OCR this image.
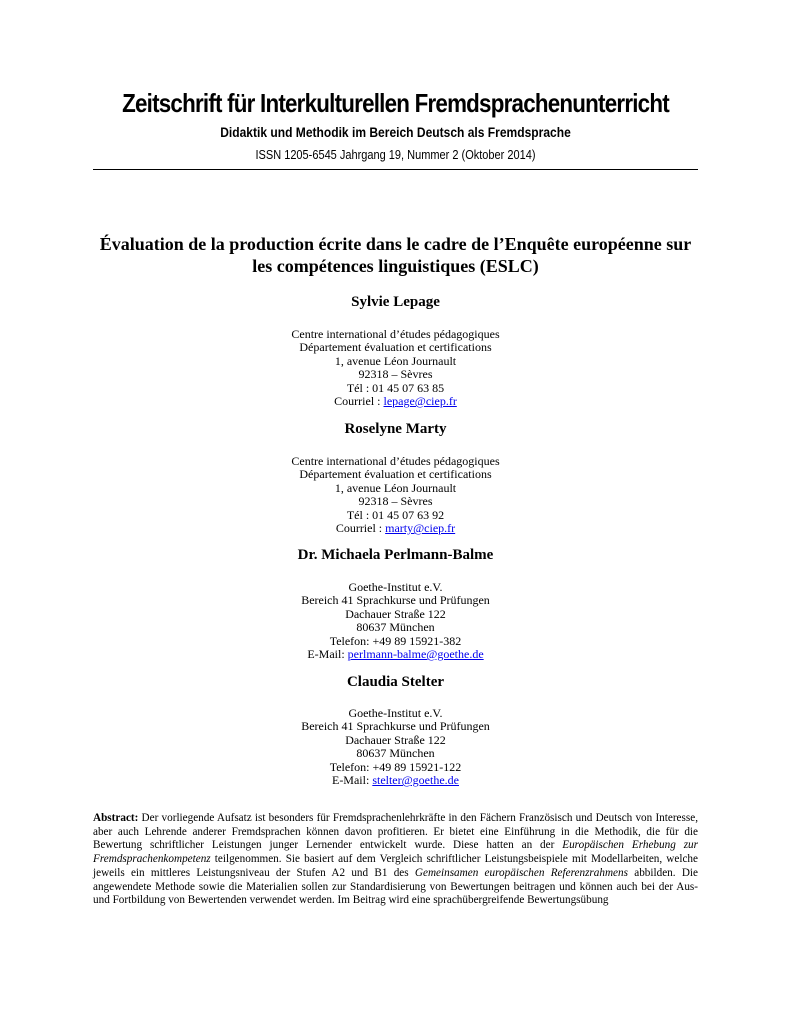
Zeitschrift für Interkulturellen Fremdsprachenunterricht
Didaktik und Methodik im Bereich Deutsch als Fremdsprache
ISSN 1205-6545 Jahrgang 19, Nummer 2 (Oktober 2014)
Évaluation de la production écrite dans le cadre de l’Enquête européenne sur
les compétences linguistiques (ESLC)
Sylvie Lepage
Centre international d’études pédagogiques
Département évaluation et certifications
1, avenue Léon Journault
92318 – Sèvres
Tél : 01 45 07 63 85
Courriel : lepage@ciep.fr
Roselyne Marty
Centre international d’études pédagogiques
Département évaluation et certifications
1, avenue Léon Journault
92318 – Sèvres
Tél : 01 45 07 63 92
Courriel : marty@ciep.fr
Dr. Michaela Perlmann-Balme
Goethe-Institut e.V.
Bereich 41 Sprachkurse und Prüfungen
Dachauer Straße 122
80637 München
Telefon: +49 89 15921-382
E-Mail: perlmann-balme@goethe.de
Claudia Stelter
Goethe-Institut e.V.
Bereich 41 Sprachkurse und Prüfungen
Dachauer Straße 122
80637 München
Telefon: +49 89 15921-122
E-Mail: stelter@goethe.de
Abstract: Der vorliegende Aufsatz ist besonders für Fremdsprachenlehrkräfte in den Fächern Französisch und Deutsch von Interesse, aber auch Lehrende anderer Fremdsprachen können davon profitieren. Er bietet eine Einführung in die Methodik, die für die Bewertung schriftlicher Leistungen junger Lernender entwickelt wurde. Diese hatten an der Europäischen Erhebung zur Fremdsprachenkompetenz teilgenommen. Sie basiert auf dem Vergleich schriftlicher Leistungsbeispiele mit Modellarbeiten, welche jeweils ein mittleres Leistungsniveau der Stufen A2 und B1 des Gemeinsamen europäischen Referenzrahmens abbilden. Die angewendete Methode sowie die Materialien sollen zur Standardisierung von Bewertungen beitragen und können auch bei der Aus- und Fortbildung von Bewertenden verwendet werden. Im Beitrag wird eine sprachübergreifende Bewertungsübung
